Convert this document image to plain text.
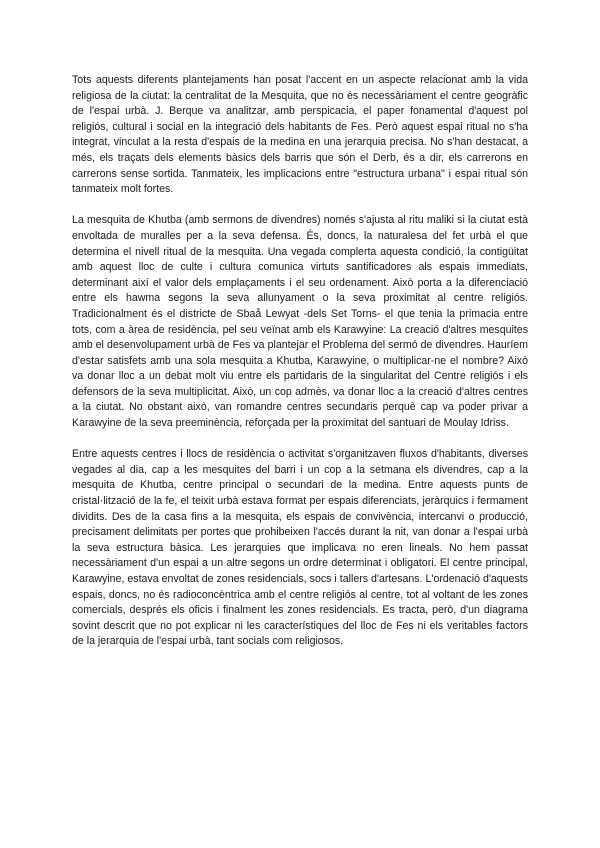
Tots aquests diferents plantejaments han posat l'accent en un aspecte relacionat amb la vida religiosa de la ciutat: la centralitat de la Mesquita, que no és necessàriament el centre geogràfic de l'espai urbà. J. Berque va analitzar, amb perspicacia, el paper fonamental d'aquest pol religiós, cultural i social en la integració dels habitants de Fes. Però aquest espai ritual no s'ha integrat, vinculat a la resta d'espais de la medina en una jerarquia precisa. No s'han destacat, a més, els traçats dels elements bàsics dels barris que són el Derb, és a dir, els carrerons en carrerons sense sortida. Tanmateix, les implicacions entre "estructura urbana" i espai ritual són tanmateix molt fortes.

La mesquita de Khutba (amb sermons de divendres) només s'ajusta al ritu maliki si la ciutat està envoltada de muralles per a la seva defensa. És, doncs, la naturalesa del fet urbà el que determina el nivell ritual de la mesquita. Una vegada complerta aquesta condició, la contigüitat amb aquest lloc de culte i cultura comunica virtuts santificadores als espais immediats, determinant així el valor dels emplaçaments i el seu ordenament. Això porta a la diferenciació entre els hawma segons la seva allunyament o la seva proximitat al centre religiós. Tradicionalment és el districte de Sbaå Lewyat -dels Set Torns- el que tenia la primacia entre tots, com a àrea de residència, pel seu veïnat amb els Karawyine: La creació d'altres mesquites amb el desenvolupament urbà de Fes va plantejar el Problema del sermó de divendres. Hauríem d'estar satisfets amb una sola mesquita a Khutba, Karawyine, o multiplicar-ne el nombre? Això va donar lloc a un debat molt viu entre els partidaris de la singularitat del Centre religiós i els defensors de la seva multiplicitat. Això, un cop admès, va donar lloc a la creació d'altres centres a la ciutat. No obstant això, van romandre centres secundaris perquè cap va poder privar a Karawyine de la seva preeminència, reforçada per la proximitat del santuari de Moulay Idriss.

Entre aquests centres i llocs de residència o activitat s'organitzaven fluxos d'habitants, diverses vegades al dia, cap a les mesquites del barri i un cop a la setmana els divendres, cap a la mesquita de Khutba, centre principal o secundari de la medina. Entre aquests punts de cristal·lització de la fe, el teixit urbà estava format per espais diferenciats, jeràrquics i fermament dividits. Des de la casa fins a la mesquita, els espais de convivència, intercanvi o producció, precisament delimitats per portes que prohibeixen l'accés durant la nit, van donar a l'espai urbà la seva estructura bàsica. Les jerarquies que implicava no eren lineals. No hem passat necessàriament d'un espai a un altre segons un ordre determinat i obligatori. El centre principal, Karawyine, estava envoltat de zones residencials, socs i tallers d'artesans. L'ordenació d'aquests espais, doncs, no és radioconcèntrica amb el centre religiós al centre, tot al voltant de les zones comercials, després els oficis i finalment les zones residencials. Es tracta, però, d'un diagrama sovint descrit que no pot explicar ni les característiques del lloc de Fes ni els veritables factors de la jerarquia de l'espai urbà, tant socials com religiosos.
